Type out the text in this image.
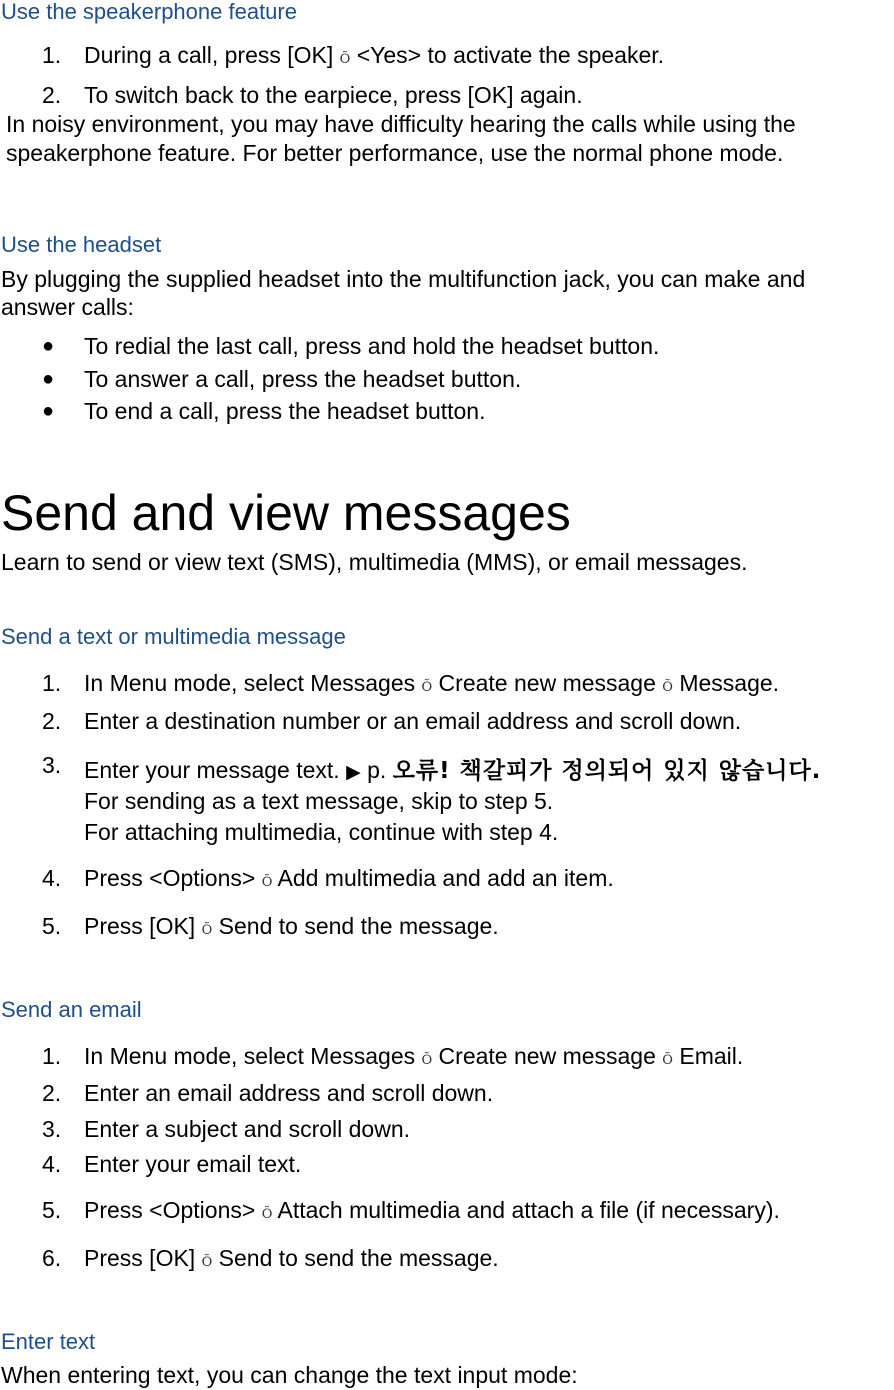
Use the speakerphone feature
1. During a call, press [OK] Õ <Yes> to activate the speaker.
2. To switch back to the earpiece, press [OK] again.
In noisy environment, you may have difficulty hearing the calls while using the
speakerphone feature. For better performance, use the normal phone mode.
Use the headset
By plugging the supplied headset into the multifunction jack, you can make and
answer calls:
● To redial the last call, press and hold the headset button.
● To answer a call, press the headset button.
● To end a call, press the headset button.
Send and view messages
Learn to send or view text (SMS), multimedia (MMS), or email messages.
Send a text or multimedia message
1. In Menu mode, select Messages Õ Create new message Õ Message.
2. Enter a destination number or an email address and scroll down.
3. Enter your message text. ▶ p. 오류! 책갈피가 정의되어 있지 않습니다.
For sending as a text message, skip to step 5.
For attaching multimedia, continue with step 4.
4. Press <Options> Õ Add multimedia and add an item.
5. Press [OK] Õ Send to send the message.
Send an email
1. In Menu mode, select Messages Õ Create new message Õ Email.
2. Enter an email address and scroll down.
3. Enter a subject and scroll down.
4. Enter your email text.
5. Press <Options> Õ Attach multimedia and attach a file (if necessary).
6. Press [OK] Õ Send to send the message.
Enter text
When entering text, you can change the text input mode:
